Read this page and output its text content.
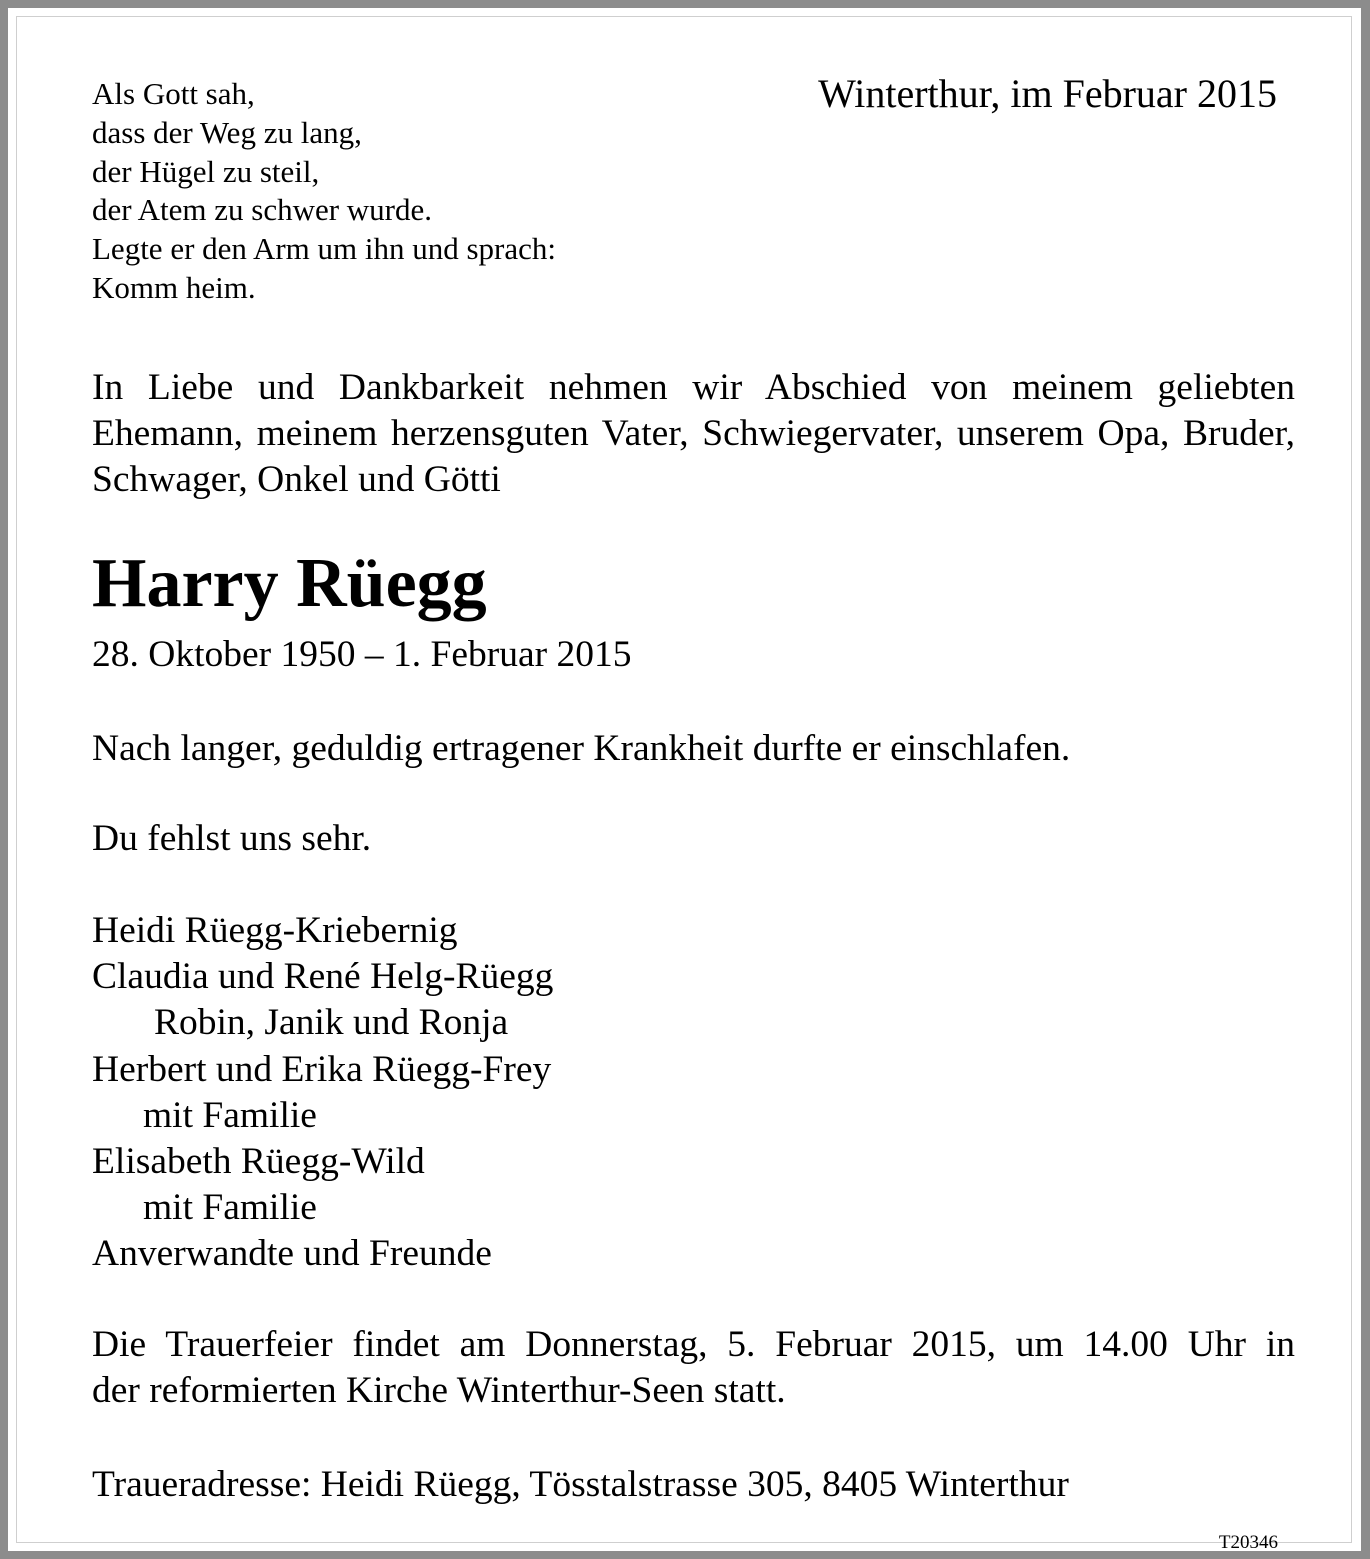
Als Gott sah,
dass der Weg zu lang,
der Hügel zu steil,
der Atem zu schwer wurde.
Legte er den Arm um ihn und sprach:
Komm heim.
Winterthur, im Februar 2015
In Liebe und Dankbarkeit nehmen wir Abschied von meinem geliebten Ehemann, meinem herzensguten Vater, Schwiegervater, unserem Opa, Bruder, Schwager, Onkel und Götti
Harry Rüegg
28. Oktober 1950 – 1. Februar 2015
Nach langer, geduldig ertragener Krankheit durfte er einschlafen.
Du fehlst uns sehr.
Heidi Rüegg-Kriebernig
Claudia und René Helg-Rüegg
Robin, Janik und Ronja
Herbert und Erika Rüegg-Frey
mit Familie
Elisabeth Rüegg-Wild
mit Familie
Anverwandte und Freunde
Die Trauerfeier findet am Donnerstag, 5. Februar 2015, um 14.00 Uhr in
der reformierten Kirche Winterthur-Seen statt.
Traueradresse: Heidi Rüegg, Tösstalstrasse 305, 8405 Winterthur
T20346
